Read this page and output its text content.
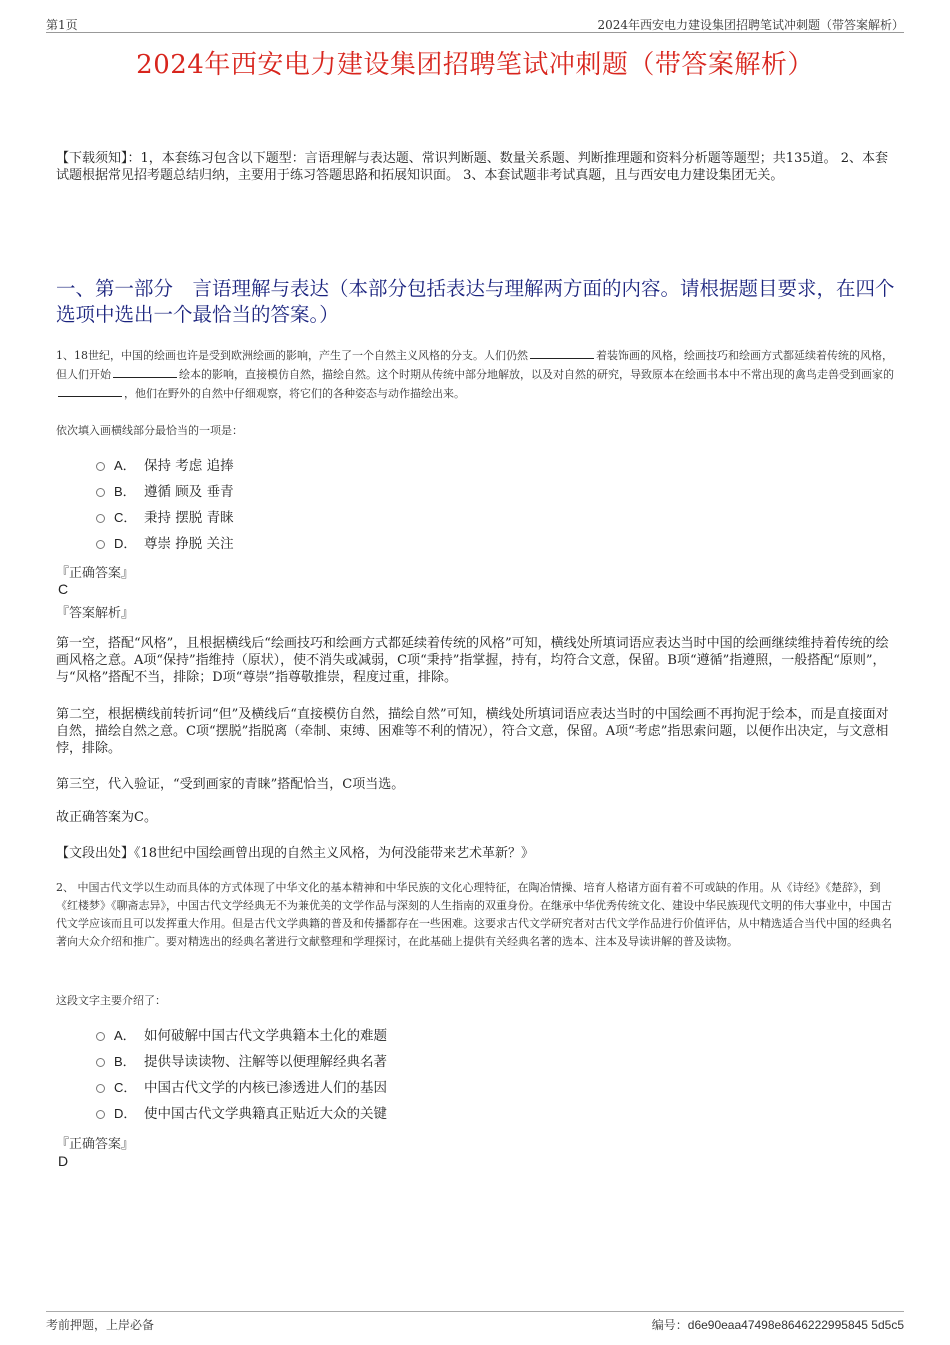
第1页	2024年西安电力建设集团招聘笔试冲刺题（带答案解析）
2024年西安电力建设集团招聘笔试冲刺题（带答案解析）
【下载须知】：1，本套练习包含以下题型：言语理解与表达题、常识判断题、数量关系题、判断推理题和资料分析题等题型；共135道。 2、本套试题根据常见招考题总结归纳，主要用于练习答题思路和拓展知识面。 3、本套试题非考试真题，且与西安电力建设集团无关。
一、第一部分　言语理解与表达（本部分包括表达与理解两方面的内容。请根据题目要求，在四个选项中选出一个最恰当的答案。）
1、18世纪，中国的绘画也许是受到欧洲绘画的影响，产生了一个自然主义风格的分支。人们仍然	着装饰画的风格，绘画技巧和绘画方式都延续着传统的风格，但人们开始	绘本的影响，直接模仿自然，描绘自然。这个时期从传统中部分地解放，以及对自然的研究，导致原本在绘画书本中不常出现的禽鸟走兽受到画家的，他们在野外的自然中仔细观察，将它们的各种姿态与动作描绘出来。
依次填入画横线部分最恰当的一项是：
A． 保持 考虑 追捧
B． 遵循 顾及 垂青
C． 秉持 摆脱 青睐
D． 尊崇 挣脱 关注
『正确答案』
C
『答案解析』
第一空，搭配“风格”，且根据横线后“绘画技巧和绘画方式都延续着传统的风格”可知，横线处所填词语应表达当时中国的绘画继续维持着传统的绘画风格之意。A项“保持”指维持（原状），使不消失或减弱，C项“秉持”指掌握，持有，均符合文意，保留。B项“遵循”指遵照，一般搭配“原则”，与“风格”搭配不当，排除；D项“尊崇”指尊敬推崇，程度过重，排除。
第二空，根据横线前转折词“但”及横线后“直接模仿自然，描绘自然”可知，横线处所填词语应表达当时的中国绘画不再拘泥于绘本，而是直接面对自然，描绘自然之意。C项“摆脱”指脱离（牵制、束缚、困难等不利的情况），符合文意，保留。A项“考虑”指思索问题，以便作出决定，与文意相悖，排除。
第三空，代入验证，“受到画家的青睐”搭配恰当，C项当选。
故正确答案为C。
【文段出处】《18世纪中国绘画曾出现的自然主义风格，为何没能带来艺术革新？》
2、 中国古代文学以生动而具体的方式体现了中华文化的基本精神和中华民族的文化心理特征，在陶冶情操、培育人格诸方面有着不可或缺的作用。从《诗经》《楚辞》，到《红楼梦》《聊斋志异》，中国古代文学经典无不为兼优美的文学作品与深刻的人生指南的双重身份。在继承中华优秀传统文化、建设中华民族现代文明的伟大事业中，中国古代文学应该而且可以发挥重大作用。但是古代文学典籍的普及和传播都存在一些困难。这要求古代文学研究者对古代文学作品进行价值评估，从中精选适合当代中国的经典名著向大众介绍和推广。要对精选出的经典名著进行文献整理和学理探讨，在此基础上提供有关经典名著的选本、注本及导读讲解的普及读物。
这段文字主要介绍了：
A． 如何破解中国古代文学典籍本土化的难题
B． 提供导读读物、注解等以便理解经典名著
C． 中国古代文学的内核已渗透进人们的基因
D． 使中国古代文学典籍真正贴近大众的关键
『正确答案』
D
考前押题，上岸必备	编号：d6e90eaa47498e8646222995845 5d5c5
